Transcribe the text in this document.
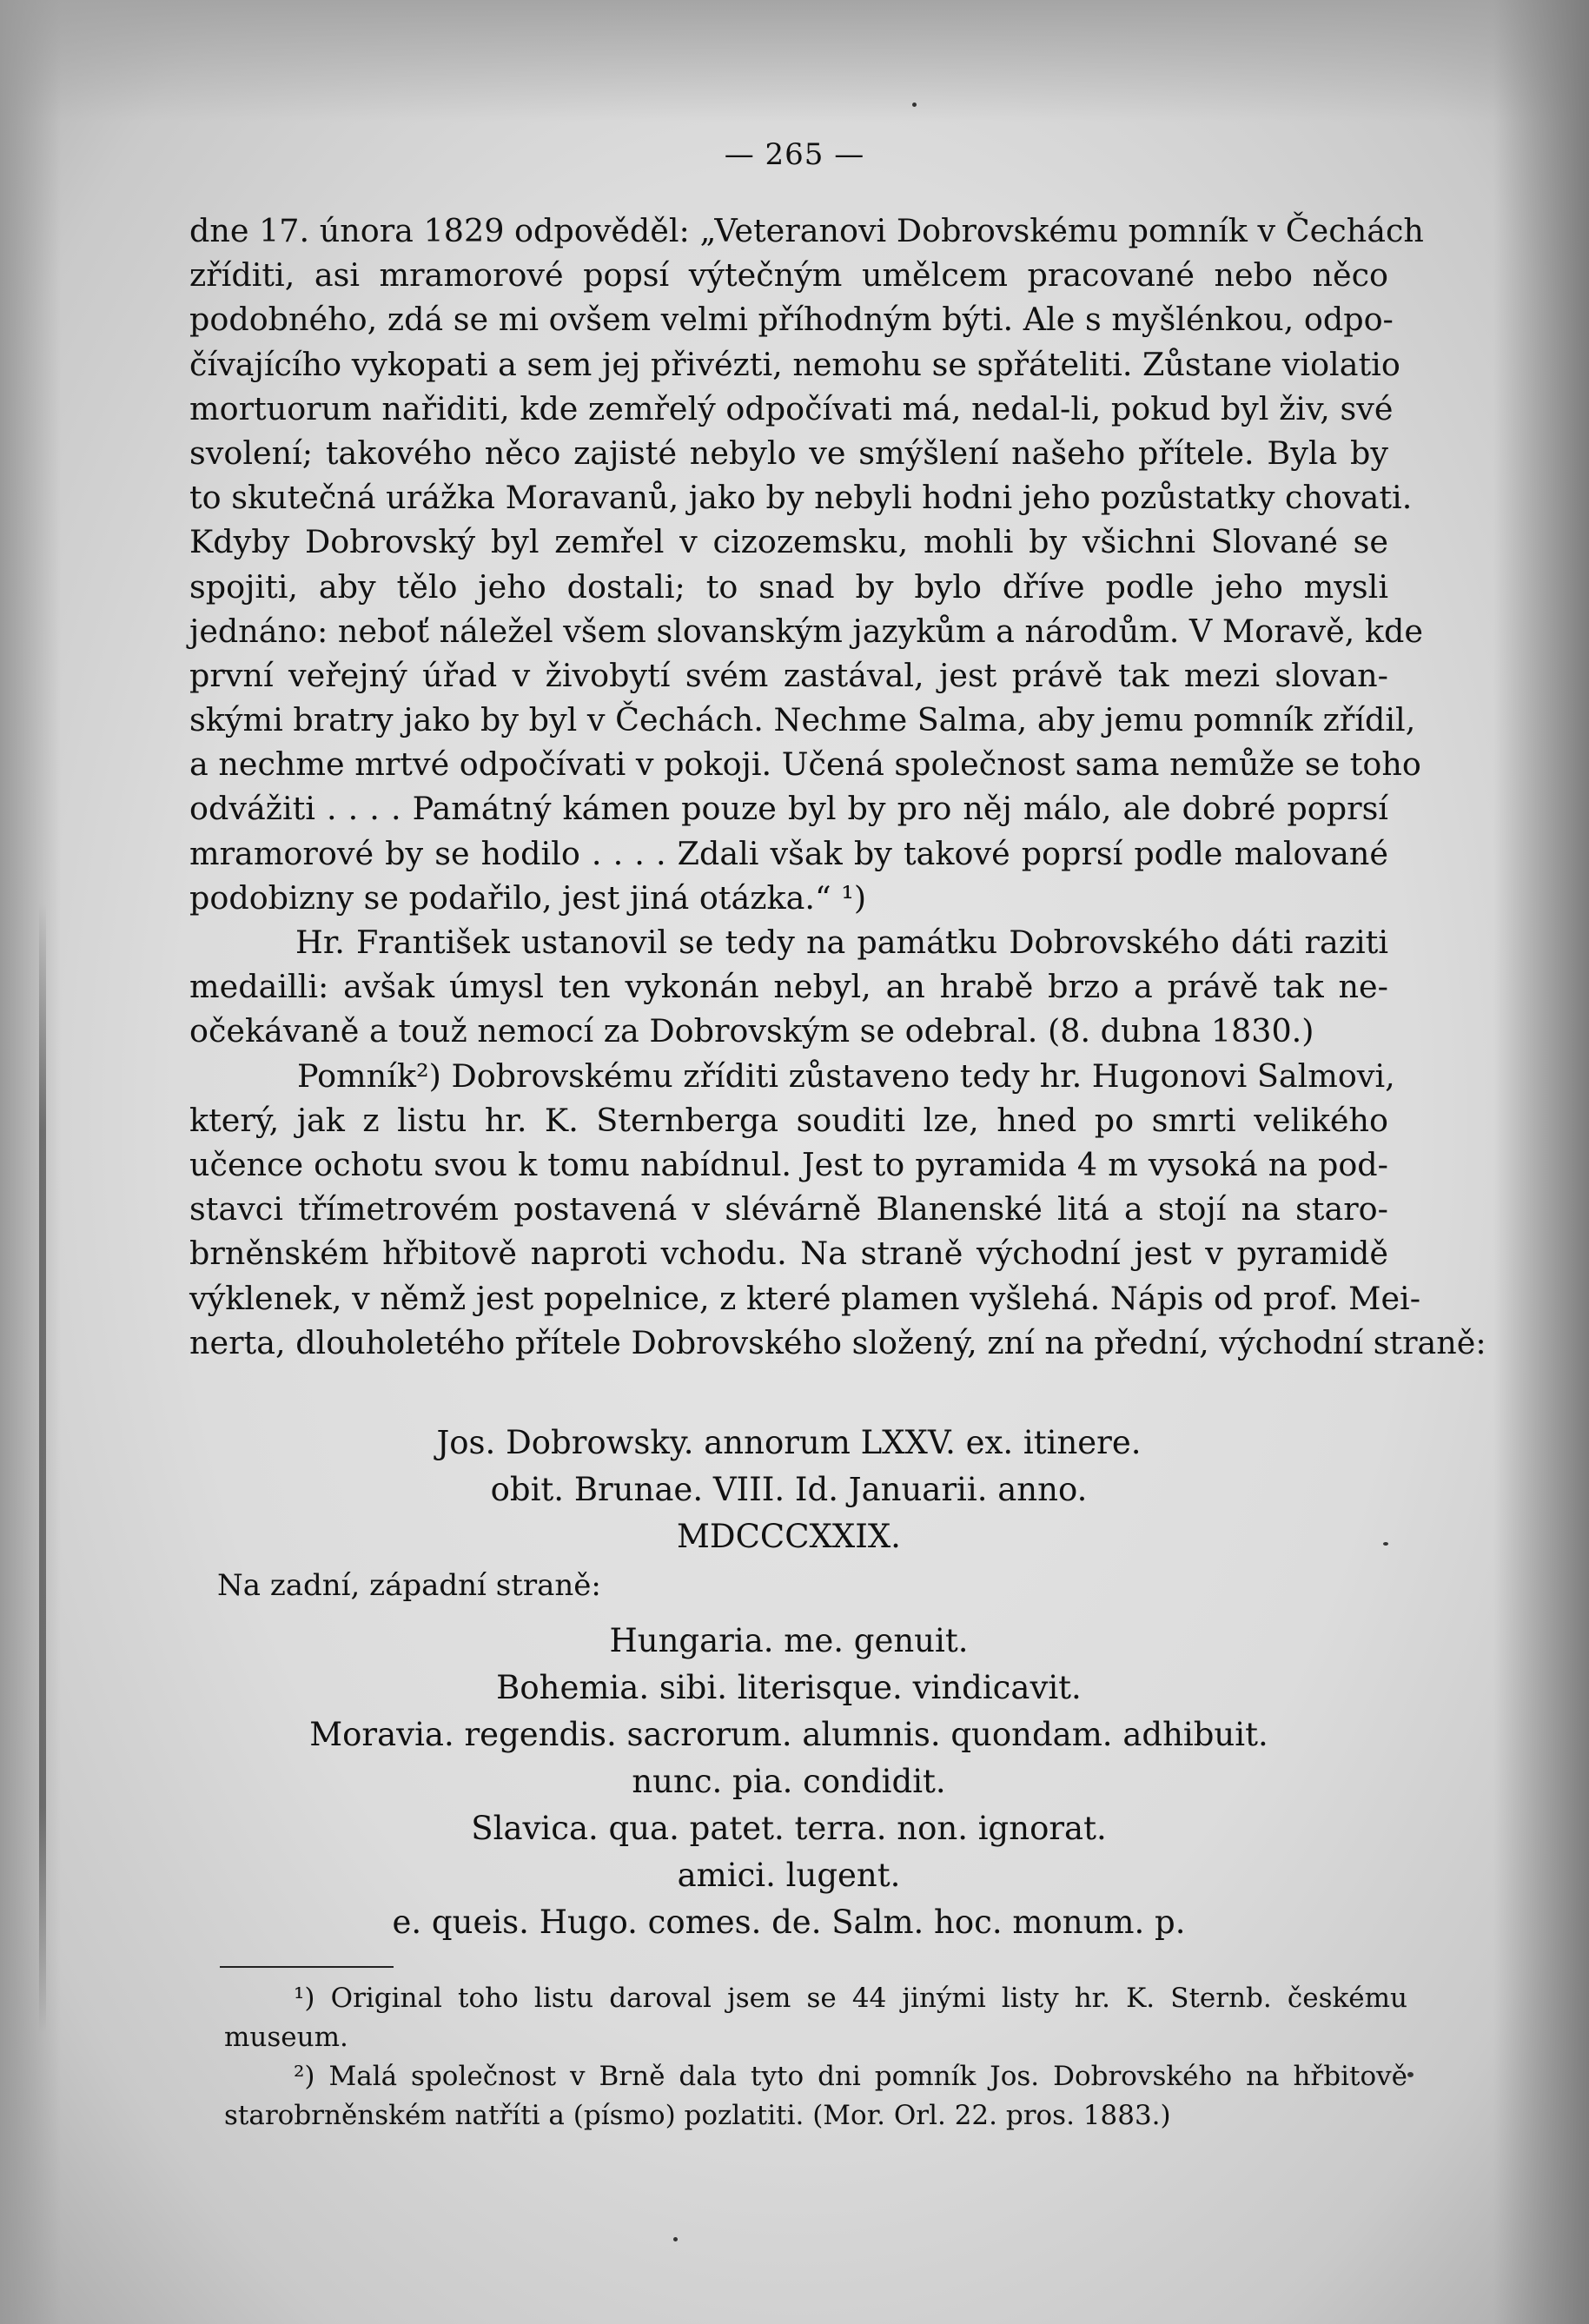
— 265 —
dne 17. února 1829 odpověděl: „Veteranovi Dobrovskému pomník v Čechách
zříditi, asi mramorové popsí výtečným umělcem pracované nebo něco
podobného, zdá se mi ovšem velmi příhodným býti. Ale s myšlénkou, odpo-
čívajícího vykopati a sem jej přivézti, nemohu se spřáteliti. Zůstane violatio
mortuorum nařiditi, kde zemřelý odpočívati má, nedal-li, pokud byl živ, své
svolení; takového něco zajisté nebylo ve smýšlení našeho přítele. Byla by
to skutečná urážka Moravanů, jako by nebyli hodni jeho pozůstatky chovati.
Kdyby Dobrovský byl zemřel v cizozemsku, mohli by všichni Slované se
spojiti, aby tělo jeho dostali; to snad by bylo dříve podle jeho mysli
jednáno: neboť náležel všem slovanským jazykům a národům. V Moravě, kde
první veřejný úřad v živobytí svém zastával, jest právě tak mezi slovan-
skými bratry jako by byl v Čechách. Nechme Salma, aby jemu pomník zřídil,
a nechme mrtvé odpočívati v pokoji. Učená společnost sama nemůže se toho
odvážiti . . . . Památný kámen pouze byl by pro něj málo, ale dobré poprsí
mramorové by se hodilo . . . . Zdali však by takové poprsí podle malované
podobizny se podařilo, jest jiná otázka.“ ¹)
Hr. František ustanovil se tedy na památku Dobrovského dáti raziti
medailli: avšak úmysl ten vykonán nebyl, an hrabě brzo a právě tak ne-
očekávaně a touž nemocí za Dobrovským se odebral. (8. dubna 1830.)
Pomník²) Dobrovskému zříditi zůstaveno tedy hr. Hugonovi Salmovi,
který, jak z listu hr. K. Sternberga souditi lze, hned po smrti velikého
učence ochotu svou k tomu nabídnul. Jest to pyramida 4 m vysoká na pod-
stavci třímetrovém postavená v slévárně Blanenské litá a stojí na staro-
brněnském hřbitově naproti vchodu. Na straně východní jest v pyramidě
výklenek, v němž jest popelnice, z které plamen vyšlehá. Nápis od prof. Mei-
nerta, dlouholetého přítele Dobrovského složený, zní na přední, východní straně:
Jos. Dobrowsky. annorum LXXV. ex. itinere.
obit. Brunae. VIII. Id. Januarii. anno.
MDCCCXXIX.
Na zadní, západní straně:
Hungaria. me. genuit.
Bohemia. sibi. literisque. vindicavit.
Moravia. regendis. sacrorum. alumnis. quondam. adhibuit.
nunc. pia. condidit.
Slavica. qua. patet. terra. non. ignorat.
amici. lugent.
e. queis. Hugo. comes. de. Salm. hoc. monum. p.
¹) Original toho listu daroval jsem se 44 jinými listy hr. K. Sternb. českému
museum.
²) Malá společnost v Brně dala tyto dni pomník Jos. Dobrovského na hřbitově
starobrněnském natříti a (písmo) pozlatiti. (Mor. Orl. 22. pros. 1883.)
